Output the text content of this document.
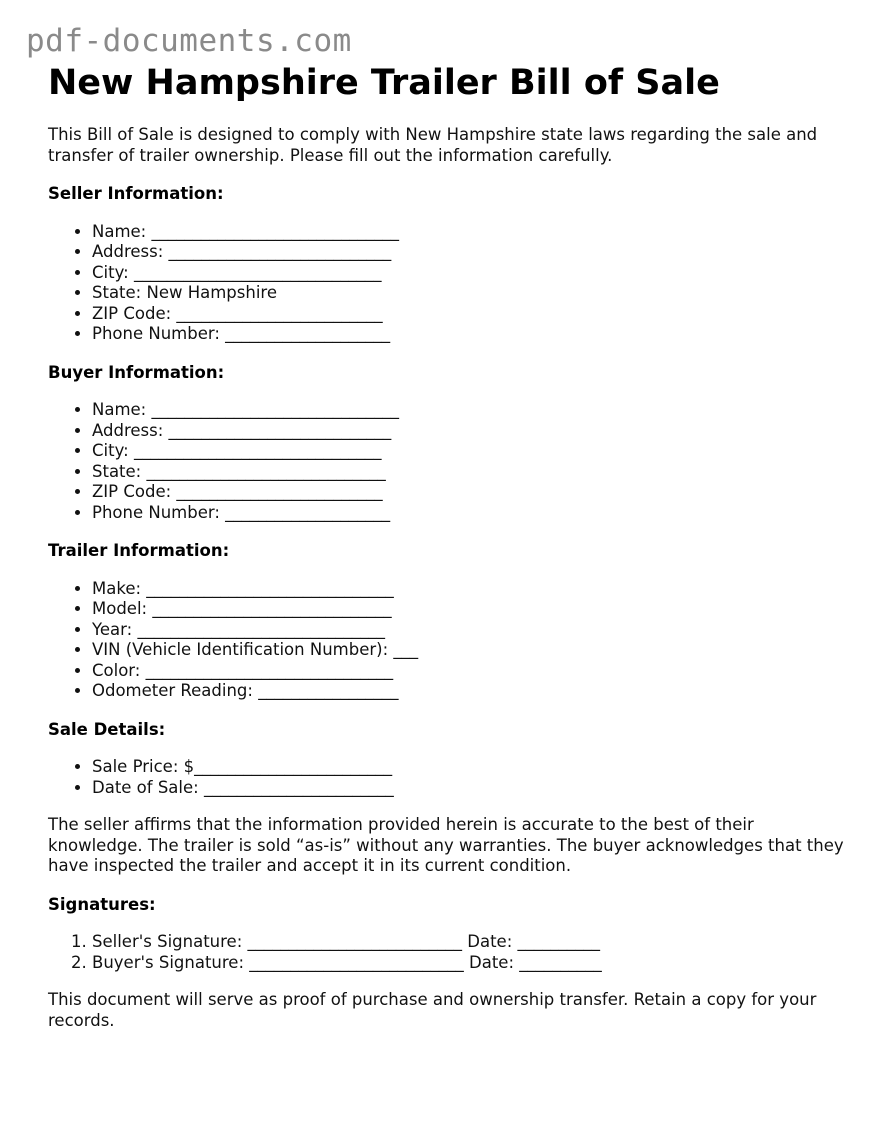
pdf-documents.com
New Hampshire Trailer Bill of Sale

This Bill of Sale is designed to comply with New Hampshire state laws regarding the sale and transfer of trailer ownership. Please fill out the information carefully.

Seller Information:
• Name: ______________________________
• Address: ___________________________
• City: ______________________________
• State: New Hampshire
• ZIP Code: _________________________
• Phone Number: ____________________
Buyer Information:
• Name: ______________________________
• Address: ___________________________
• City: ______________________________
• State: _____________________________
• ZIP Code: _________________________
• Phone Number: ____________________
Trailer Information:
• Make: ______________________________
• Model: _____________________________
• Year: ______________________________
• VIN (Vehicle Identification Number): ___
• Color: ______________________________
• Odometer Reading: _________________
Sale Details:
• Sale Price: $________________________
• Date of Sale: _______________________

The seller affirms that the information provided herein is accurate to the best of their knowledge. The trailer is sold “as-is” without any warranties. The buyer acknowledges that they have inspected the trailer and accept it in its current condition.

Signatures:
1. Seller's Signature: __________________________ Date: __________
2. Buyer's Signature: __________________________ Date: __________

This document will serve as proof of purchase and ownership transfer. Retain a copy for your records.
